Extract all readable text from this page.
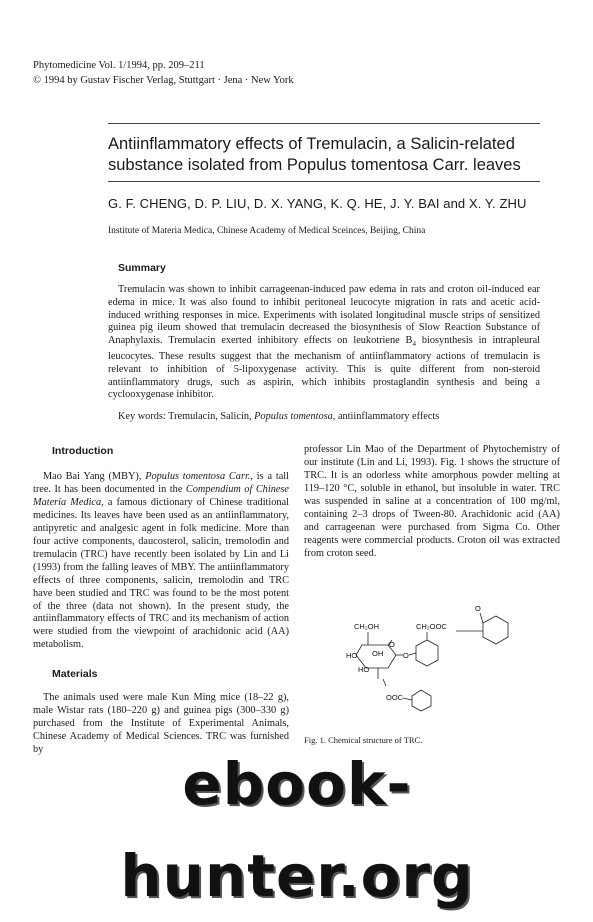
Phytomedicine Vol. 1/1994, pp. 209–211
© 1994 by Gustav Fischer Verlag, Stuttgart · Jena · New York
Antiinflammatory effects of Tremulacin, a Salicin-related
substance isolated from Populus tomentosa Carr. leaves
G. F. CHENG, D. P. LIU, D. X. YANG, K. Q. HE, J. Y. BAI and X. Y. ZHU
Institute of Materia Medica, Chinese Academy of Medical Sceinces, Beijing, China
Summary

Tremulacin was shown to inhibit carrageenan-induced paw edema in rats and croton oil-induced ear edema in mice. It was also found to inhibit peritoneal leucocyte migration in rats and acetic acid-induced writhing responses in mice. Experiments with isolated longitudinal muscle strips of sensitized guinea pig ileum showed that tremulacin decreased the biosynthesis of Slow Reaction Substance of Anaphylaxis. Tremulacin exerted inhibitory effects on leukotriene $B_4$ biosynthesis in intrapleural leucocytes. These results suggest that the mechanism of antiinflammatory actions of tremulacin is relevant to inhibition of 5-lipoxygenase activity. This is quite different from non-steroid antiinflammatory drugs, such as aspirin, which inhibits prostaglandin synthesis and being a cyclooxygenase inhibitor.

Key words: Tremulacin, Salicin, Populus tomentosa, antiinflammatory effects
Introduction

Mao Bai Yang (MBY), Populus tomentosa Carr., is a tall tree. It has been documented in the Compendium of Chinese Materia Medica, a famous dictionary of Chinese traditional medicines. Its leaves have been used as an antiinflammatory, antipyretic and analgesic agent in folk medicine. More than four active components, daucosterol, salicin, tremolodin and tremulacin (TRC) have recently been isolated by Lin and Li (1993) from the falling leaves of MBY. The antiinflammatory effects of three components, salicin, tremolodin and TRC have been studied and TRC was found to be the most potent of the three (data not shown). In the present study, the antiinflammatory effects of TRC and its mechanism of action were studied from the viewpoint of arachidonic acid (AA) metabolism.

Materials

The animals used were male Kun Ming mice (18–22 g), male Wistar rats (180–220 g) and guinea pigs (300–330 g) purchased from the Institute of Experimental Animals, Chinese Academy of Medical Sciences. TRC was furnished by

professor Lin Mao of the Department of Phytochemistry of our institute (Lin and Li, 1993). Fig. 1 shows the structure of TRC. It is an odorless white amorphous powder melting at 119–120 °C, soluble in ethanol, but insoluble in water. TRC was suspended in saline at a concentration of 100 mg/ml, containing 2–3 drops of Tween-80. Arachidonic acid (AA) and carrageenan were purchased from Sigma Co. Other reagents were commercial products. Croton oil was extracted from croton seed.

CH₂OH	CH₂OOC
O
O
HO
HO
OH
O
OOC
Fig. 1. Chemical structure of TRC.
ebook-hunter.org
